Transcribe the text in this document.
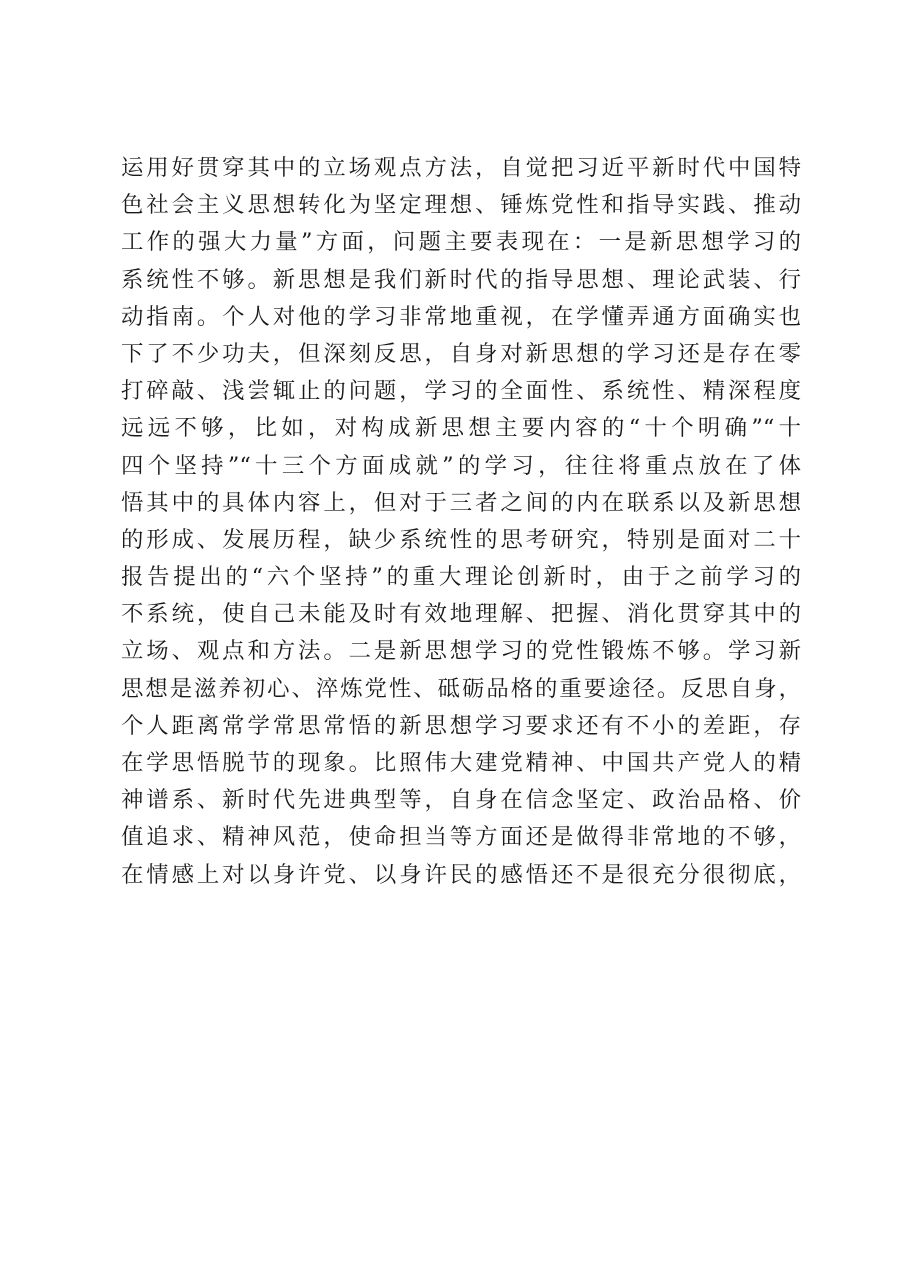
运用好贯穿其中的立场观点方法，自觉把习近平新时代中国特
色社会主义思想转化为坚定理想、锤炼党性和指导实践、推动
工作的强大力量”方面，问题主要表现在：一是新思想学习的
系统性不够。新思想是我们新时代的指导思想、理论武装、行
动指南。个人对他的学习非常地重视，在学懂弄通方面确实也
下了不少功夫，但深刻反思，自身对新思想的学习还是存在零
打碎敲、浅尝辄止的问题，学习的全面性、系统性、精深程度
远远不够，比如，对构成新思想主要内容的“十个明确”“十
四个坚持”“十三个方面成就”的学习，往往将重点放在了体
悟其中的具体内容上，但对于三者之间的内在联系以及新思想
的形成、发展历程，缺少系统性的思考研究，特别是面对二十
报告提出的“六个坚持”的重大理论创新时，由于之前学习的
不系统，使自己未能及时有效地理解、把握、消化贯穿其中的
立场、观点和方法。二是新思想学习的党性锻炼不够。学习新
思想是滋养初心、淬炼党性、砥砺品格的重要途径。反思自身，
个人距离常学常思常悟的新思想学习要求还有不小的差距，存
在学思悟脱节的现象。比照伟大建党精神、中国共产党人的精
神谱系、新时代先进典型等，自身在信念坚定、政治品格、价
值追求、精神风范，使命担当等方面还是做得非常地的不够，
在情感上对以身许党、以身许民的感悟还不是很充分很彻底，
